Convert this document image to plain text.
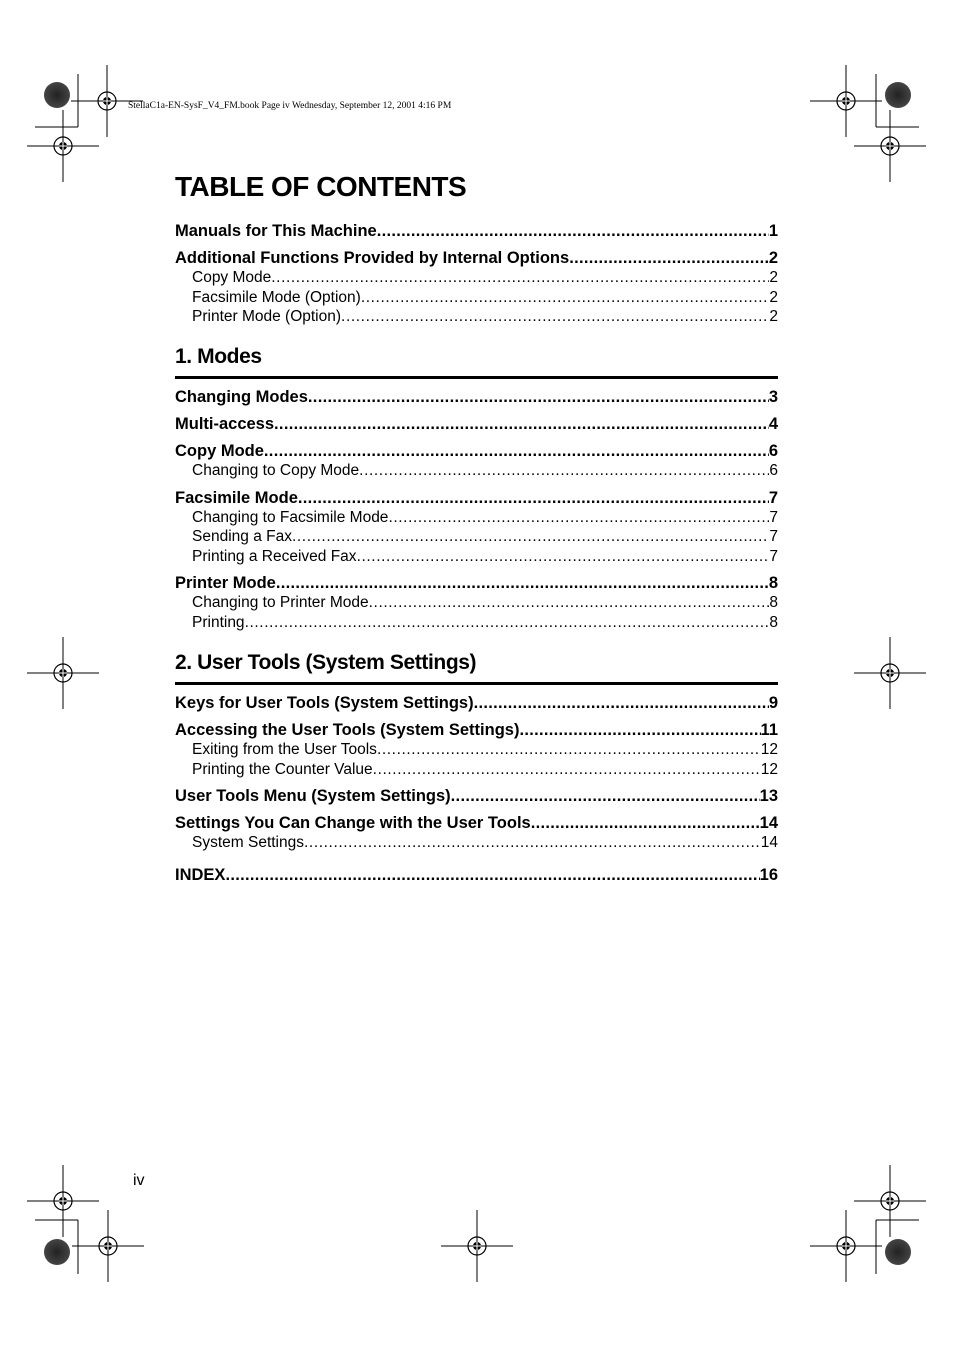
StellaC1a-EN-SysF_V4_FM.book Page iv Wednesday, September 12, 2001 4:16 PM
TABLE OF CONTENTS
Manuals for This Machine .....	1
Additional Functions Provided by Internal Options .....	2
Copy Mode .....	2
Facsimile Mode (Option) .....	2
Printer Mode (Option) .....	2
1. Modes
Changing Modes .....	3
Multi-access .....	4
Copy Mode .....	6
Changing to Copy Mode .....	6
Facsimile Mode .....	7
Changing to Facsimile Mode .....	7
Sending a Fax .....	7
Printing a Received Fax .....	7
Printer Mode .....	8
Changing to Printer Mode .....	8
Printing .....	8
2. User Tools (System Settings)
Keys for User Tools (System Settings) .....	9
Accessing the User Tools (System Settings) .....	11
Exiting from the User Tools .....	12
Printing the Counter Value .....	12
User Tools Menu (System Settings) .....	13
Settings You Can Change with the User Tools .....	14
System Settings .....	14
INDEX .....	16
iv
